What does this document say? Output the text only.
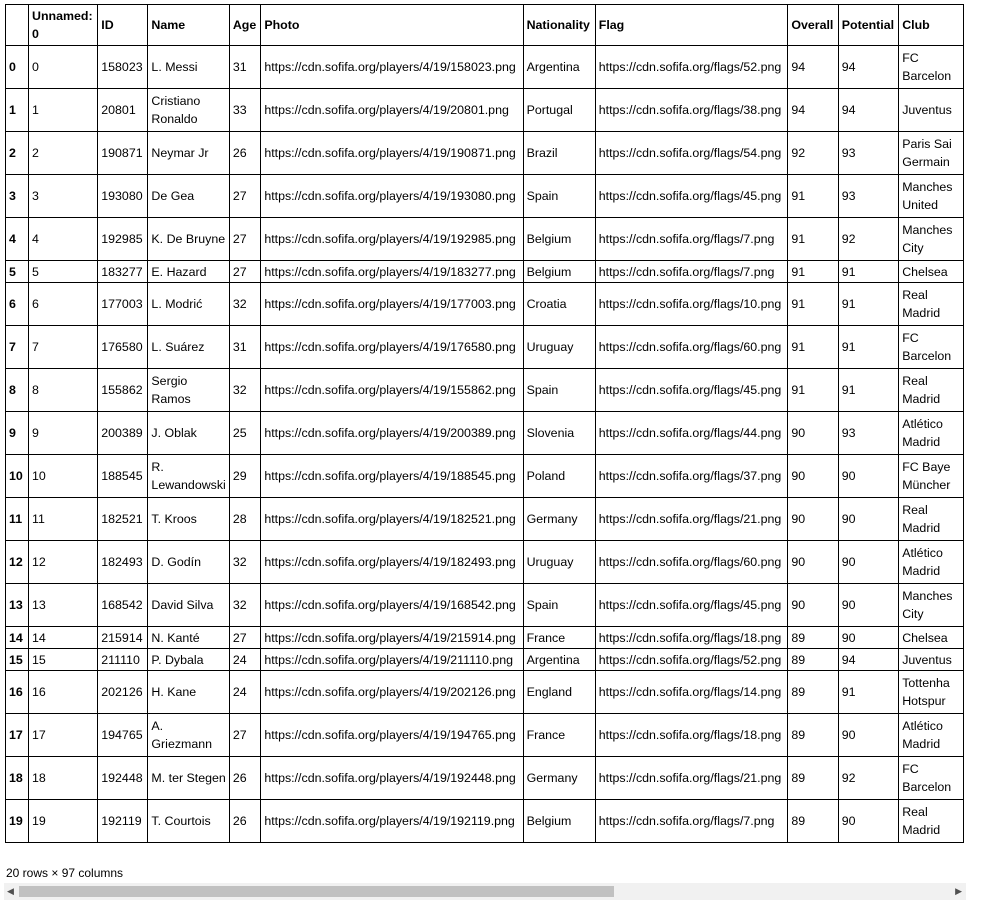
	Unnamed: 0	ID	Name	Age	Photo	Nationality	Flag	Overall	Potential	Club
0	0	158023	L. Messi	31	https://cdn.sofifa.org/players/4/19/158023.png	Argentina	https://cdn.sofifa.org/flags/52.png	94	94	FC Barcelon
1	1	20801	Cristiano Ronaldo	33	https://cdn.sofifa.org/players/4/19/20801.png	Portugal	https://cdn.sofifa.org/flags/38.png	94	94	Juventus
2	2	190871	Neymar Jr	26	https://cdn.sofifa.org/players/4/19/190871.png	Brazil	https://cdn.sofifa.org/flags/54.png	92	93	Paris Sai Germain
3	3	193080	De Gea	27	https://cdn.sofifa.org/players/4/19/193080.png	Spain	https://cdn.sofifa.org/flags/45.png	91	93	Manches United
4	4	192985	K. De Bruyne	27	https://cdn.sofifa.org/players/4/19/192985.png	Belgium	https://cdn.sofifa.org/flags/7.png	91	92	Manches City
5	5	183277	E. Hazard	27	https://cdn.sofifa.org/players/4/19/183277.png	Belgium	https://cdn.sofifa.org/flags/7.png	91	91	Chelsea
6	6	177003	L. Modrić	32	https://cdn.sofifa.org/players/4/19/177003.png	Croatia	https://cdn.sofifa.org/flags/10.png	91	91	Real Madrid
7	7	176580	L. Suárez	31	https://cdn.sofifa.org/players/4/19/176580.png	Uruguay	https://cdn.sofifa.org/flags/60.png	91	91	FC Barcelon
8	8	155862	Sergio Ramos	32	https://cdn.sofifa.org/players/4/19/155862.png	Spain	https://cdn.sofifa.org/flags/45.png	91	91	Real Madrid
9	9	200389	J. Oblak	25	https://cdn.sofifa.org/players/4/19/200389.png	Slovenia	https://cdn.sofifa.org/flags/44.png	90	93	Atlético Madrid
10	10	188545	R. Lewandowski	29	https://cdn.sofifa.org/players/4/19/188545.png	Poland	https://cdn.sofifa.org/flags/37.png	90	90	FC Baye Müncher
11	11	182521	T. Kroos	28	https://cdn.sofifa.org/players/4/19/182521.png	Germany	https://cdn.sofifa.org/flags/21.png	90	90	Real Madrid
12	12	182493	D. Godín	32	https://cdn.sofifa.org/players/4/19/182493.png	Uruguay	https://cdn.sofifa.org/flags/60.png	90	90	Atlético Madrid
13	13	168542	David Silva	32	https://cdn.sofifa.org/players/4/19/168542.png	Spain	https://cdn.sofifa.org/flags/45.png	90	90	Manches City
14	14	215914	N. Kanté	27	https://cdn.sofifa.org/players/4/19/215914.png	France	https://cdn.sofifa.org/flags/18.png	89	90	Chelsea
15	15	211110	P. Dybala	24	https://cdn.sofifa.org/players/4/19/211110.png	Argentina	https://cdn.sofifa.org/flags/52.png	89	94	Juventus
16	16	202126	H. Kane	24	https://cdn.sofifa.org/players/4/19/202126.png	England	https://cdn.sofifa.org/flags/14.png	89	91	Tottenha Hotspur
17	17	194765	A. Griezmann	27	https://cdn.sofifa.org/players/4/19/194765.png	France	https://cdn.sofifa.org/flags/18.png	89	90	Atlético Madrid
18	18	192448	M. ter Stegen	26	https://cdn.sofifa.org/players/4/19/192448.png	Germany	https://cdn.sofifa.org/flags/21.png	89	92	FC Barcelon
19	19	192119	T. Courtois	26	https://cdn.sofifa.org/players/4/19/192119.png	Belgium	https://cdn.sofifa.org/flags/7.png	89	90	Real Madrid
20 rows × 97 columns
◀	▶
